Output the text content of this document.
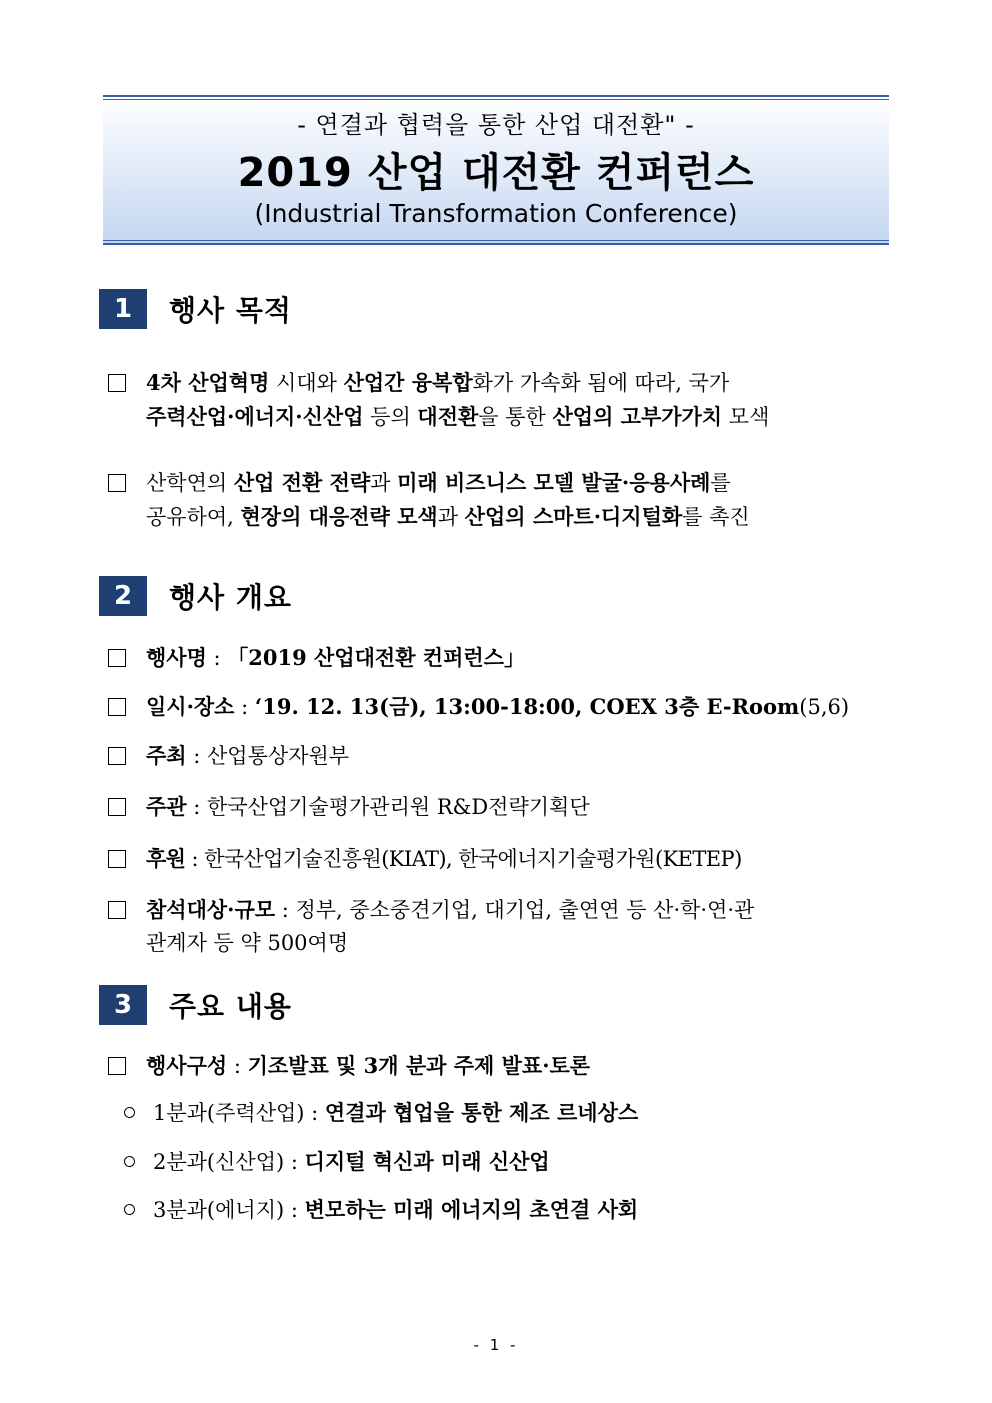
- 연결과 협력을 통한 산업 대전환" -
2019 산업 대전환 컨퍼런스
(Industrial Transformation Conference)
1	행사 목적
4차 산업혁명 시대와 산업간 융복합화가 가속화 됨에 따라, 국가
주력산업·에너지·신산업 등의 대전환을 통한 산업의 고부가가치 모색
산학연의 산업 전환 전략과 미래 비즈니스 모델 발굴·응용사례를
공유하여, 현장의 대응전략 모색과 산업의 스마트·디지털화를 촉진
2	행사 개요
행사명 : 「2019 산업대전환 컨퍼런스」
일시·장소 : ‘19. 12. 13(금), 13:00-18:00, COEX 3층 E-Room(5,6)
주최 : 산업통상자원부
주관 : 한국산업기술평가관리원 R&D전략기획단
후원 : 한국산업기술진흥원(KIAT), 한국에너지기술평가원(KETEP)
참석대상·규모 : 정부, 중소중견기업, 대기업, 출연연 등 산·학·연·관
관계자 등 약 500여명
3	주요 내용
행사구성 : 기조발표 및 3개 분과 주제 발표·토론
1분과(주력산업) : 연결과 협업을 통한 제조 르네상스
2분과(신산업) : 디지털 혁신과 미래 신산업
3분과(에너지) : 변모하는 미래 에너지의 초연결 사회
- 1 -
